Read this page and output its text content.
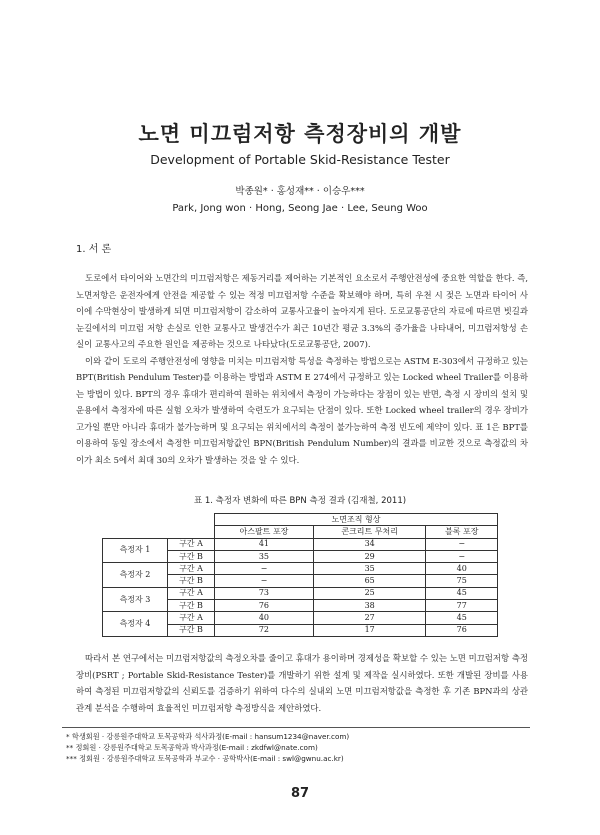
노면 미끄럼저항 측정장비의 개발
Development of Portable Skid-Resistance Tester
박종원* · 홍성재** · 이승우***
Park, Jong won · Hong, Seong Jae · Lee, Seung Woo
1. 서 론

도로에서 타이어와 노면간의 미끄럼저항은 제동거리를 제어하는 기본적인 요소로서 주행안전성에 중요한 역할을 한다. 즉, 노면저항은 운전자에게 안전을 제공할 수 있는 적정 미끄럼저항 수준을 확보해야 하며, 특히 우천 시 젖은 노면과 타이어 사이에 수막현상이 발생하게 되면 미끄럼저항이 감소하여 교통사고율이 높아지게 된다. 도로교통공단의 자료에 따르면 빗길과 눈길에서의 미끄럼 저항 손실로 인한 교통사고 발생건수가 최근 10년간 평균 3.3%의 증가율을 나타내어, 미끄럼저항성 손실이 교통사고의 주요한 원인을 제공하는 것으로 나타났다(도로교통공단, 2007).

이와 같이 도로의 주행안전성에 영향을 미치는 미끄럼저항 특성을 측정하는 방법으로는 ASTM E-303에서 규정하고 있는 BPT(British Pendulum Tester)를 이용하는 방법과 ASTM E 274에서 규정하고 있는 Locked wheel Trailer를 이용하는 방법이 있다. BPT의 경우 휴대가 편리하여 원하는 위치에서 측정이 가능하다는 장점이 있는 반면, 측정 시 장비의 설치 및 운용에서 측정자에 따른 실험 오차가 발생하여 숙련도가 요구되는 단점이 있다. 또한 Locked wheel trailer의 경우 장비가 고가일 뿐만 아니라 휴대가 불가능하며 및 요구되는 위치에서의 측정이 불가능하여 측정 빈도에 제약이 있다. 표 1은 BPT를 이용하여 동일 장소에서 측정한 미끄럼저항값인 BPN(British Pendulum Number)의 결과를 비교한 것으로 측정값의 차이가 최소 5에서 최대 30의 오차가 발생하는 것을 알 수 있다.

표 1. 측정자 변화에 따른 BPN 측정 결과 (김재철, 2011)
		노면조직 형상		
		아스팔트 포장	콘크리트 무처리	블록 포장
측정자 1	구간 A	41	34	−
	구간 B	35	29	−
측정자 2	구간 A	−	35	40
	구간 B	−	65	75
측정자 3	구간 A	73	25	45
	구간 B	76	38	77
측정자 4	구간 A	40	27	45
	구간 B	72	17	76

따라서 본 연구에서는 미끄럼저항값의 측정오차를 줄이고 휴대가 용이하며 경제성을 확보할 수 있는 노면 미끄럼저항 측정 장비(PSRT ; Portable Skid-Resistance Tester)를 개발하기 위한 설계 및 제작을 실시하였다. 또한 개발된 장비를 사용하여 측정된 미끄럼저항값의 신뢰도를 검증하기 위하여 다수의 실내외 노면 미끄럼저항값을 측정한 후 기존 BPN과의 상관관계 분석을 수행하여 효율적인 미끄럼저항 측정방식을 제안하였다.

* 학생회원 · 강릉원주대학교 토목공학과 석사과정(E-mail : hansum1234@naver.com)
** 정회원 · 강릉원주대학교 토목공학과 박사과정(E-mail : zkdfwl@nate.com)
*** 정회원 · 강릉원주대학교 토목공학과 부교수 · 공학박사(E-mail : swl@gwnu.ac.kr)
87
